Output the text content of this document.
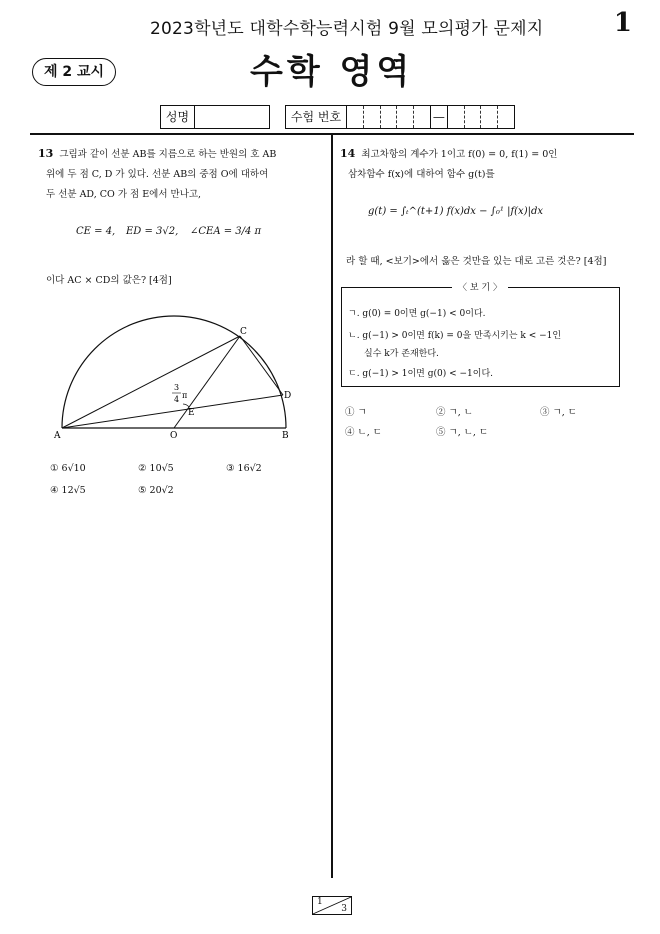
2023학년도 대학수학능력시험 9월 모의평가 문제지	1
제 2 교시	수학 영역
성명	수험 번호	—
13 그림과 같이 선분 AB를 지름으로 하는 반원의 호 AB
위에 두 점 C, D 가 있다. 선분 AB의 중점 O에 대하여
두 선분 AD, CO 가 점 E에서 만나고,
CE = 4, ED = 3√2, ∠CEA = 3/4 π
이다 AC × CD의 값은? [4점]
A	O	B
C
D
E
3
4 π
① 6√10	② 10√5	③ 16√2
④ 12√5	⑤ 20√2
14 최고차항의 계수가 1이고 f(0) = 0, f(1) = 0인
삼차함수 f(x)에 대하여 함수 g(t)를
g(t) = ∫ₜ^(t+1) f(x)dx − ∫₀¹ |f(x)|dx
라 할 때, <보기>에서 옳은 것만을 있는 대로 고른 것은? [4점]
〈 보 기 〉
ㄱ. g(0) = 0이면 g(−1) < 0이다.
ㄴ. g(−1) > 0이면 f(k) = 0을 만족시키는 k < −1인
실수 k가 존재한다.
ㄷ. g(−1) > 1이면 g(0) < −1이다.
① ㄱ	② ㄱ, ㄴ	③ ㄱ, ㄷ
④ ㄴ, ㄷ	⑤ ㄱ, ㄴ, ㄷ
1
3
